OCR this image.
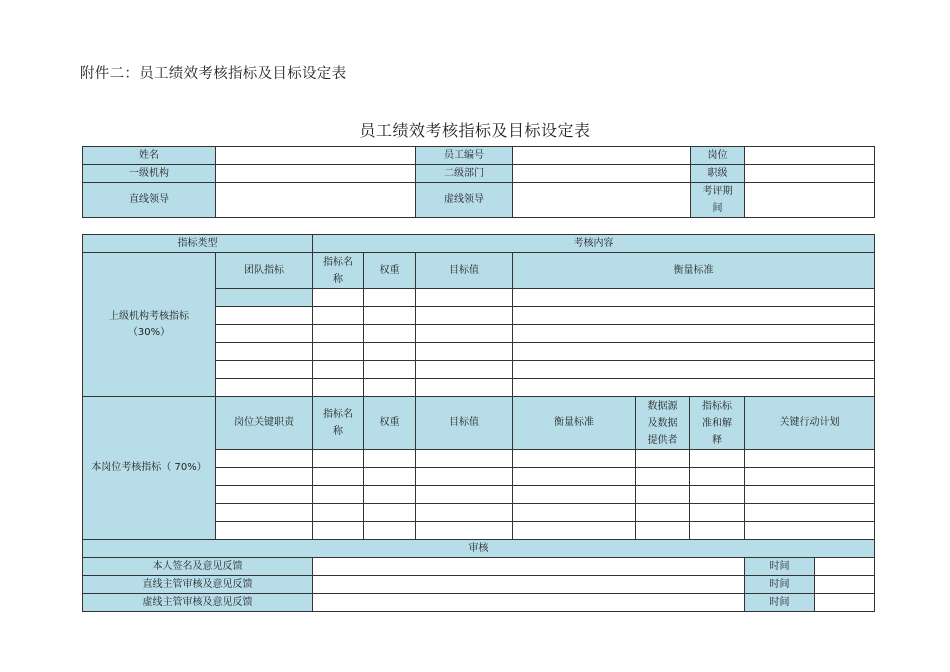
附件二：员工绩效考核指标及目标设定表
员工绩效考核指标及目标设定表
姓名		员工编号		岗位	
一级机构		二级部门		职级	
直线领导		虚线领导		考评期间	

指标类型		考核内容							

上级机构考核指标
（30%）	团队指标	指标名称	权重	目标值	衡量标准				

本岗位考核指标（ 70%）	岗位关键职责	指标名称	权重	目标值	衡量标准	数据源及数据提供者	指标标准和解释	关键行动计划	

审核									
本人签名及意见反馈								时间	
直线主管审核及意见反馈								时间	
虚线主管审核及意见反馈								时间	
